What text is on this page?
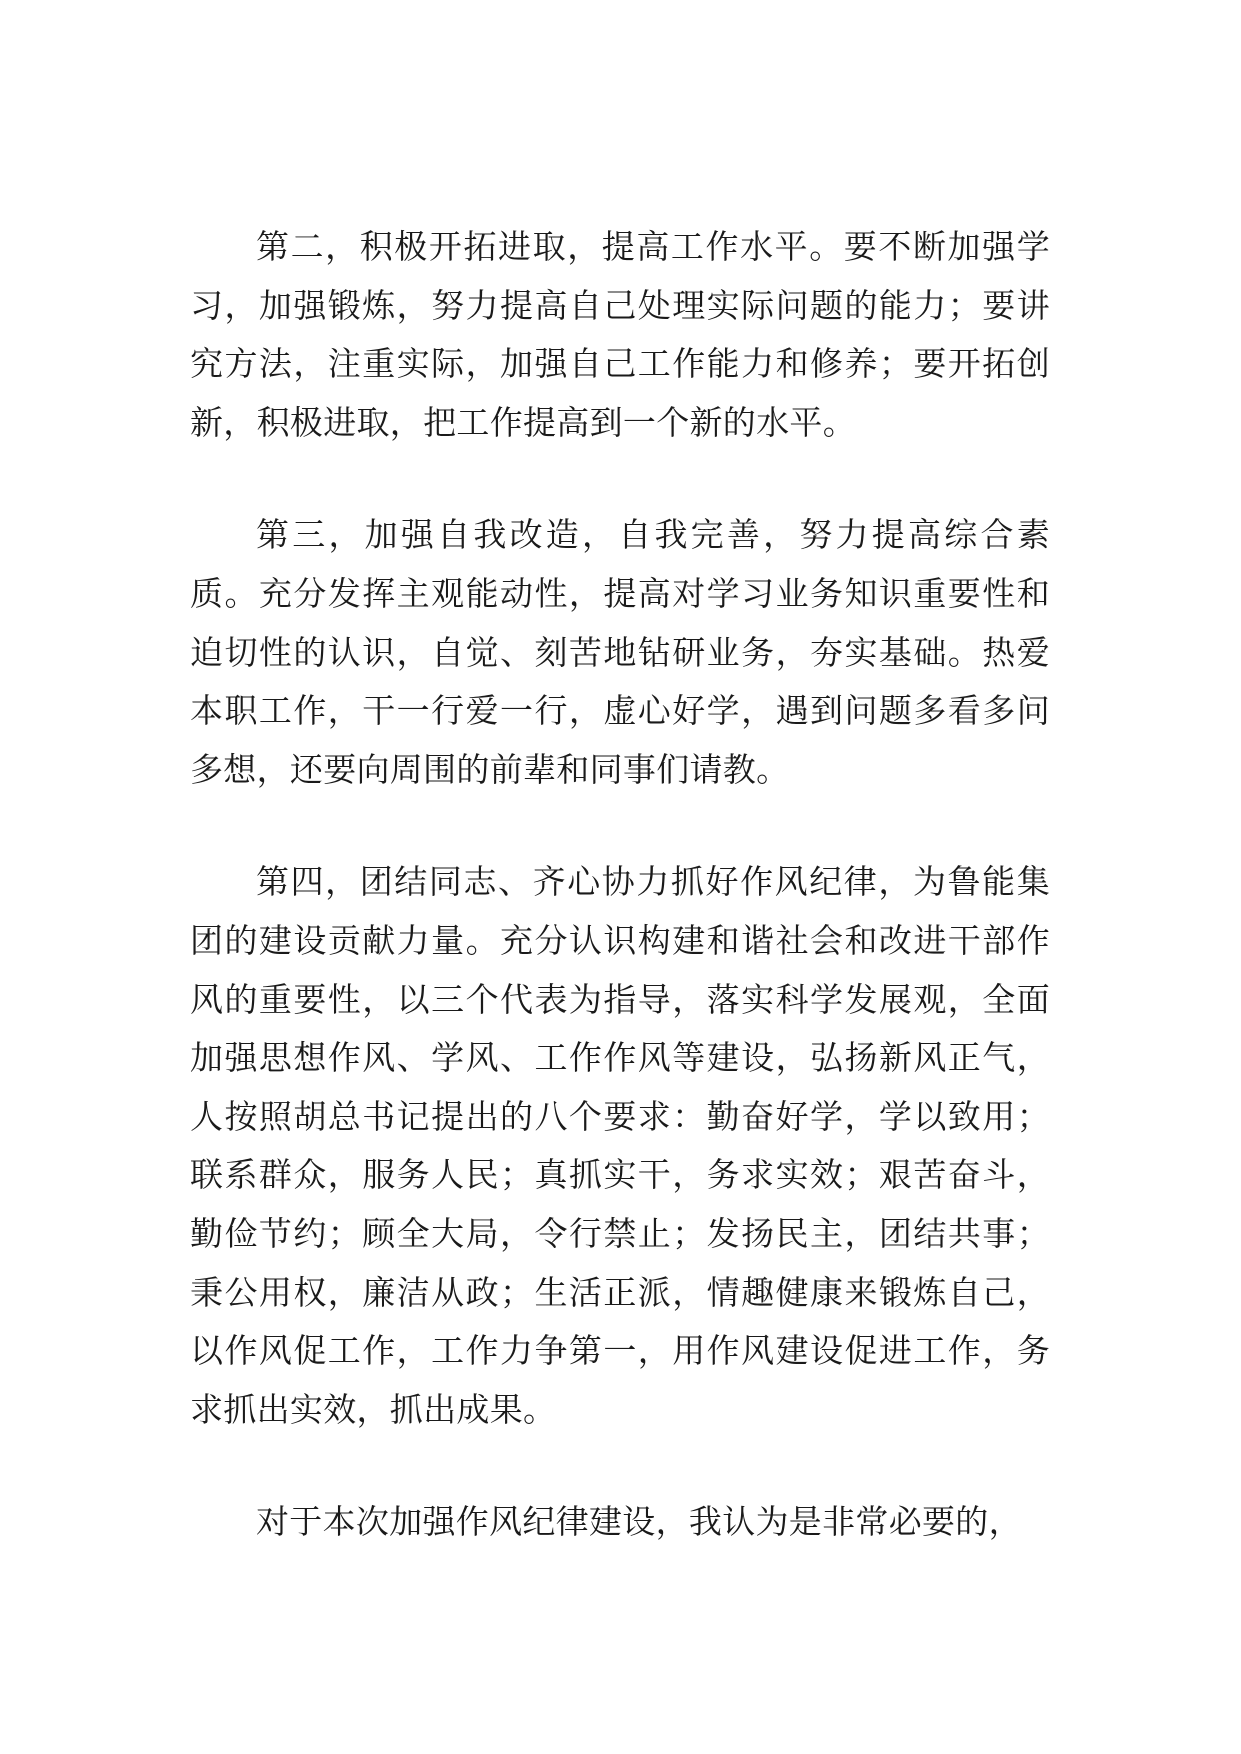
第二，积极开拓进取，提高工作水平。要不断加强学习，加强锻炼，努力提高自己处理实际问题的能力；要讲究方法，注重实际，加强自己工作能力和修养；要开拓创新，积极进取，把工作提高到一个新的水平。

第三，加强自我改造，自我完善，努力提高综合素质。充分发挥主观能动性，提高对学习业务知识重要性和迫切性的认识，自觉、刻苦地钻研业务，夯实基础。热爱本职工作，干一行爱一行，虚心好学，遇到问题多看多问多想，还要向周围的前辈和同事们请教。

第四，团结同志、齐心协力抓好作风纪律，为鲁能集团的建设贡献力量。充分认识构建和谐社会和改进干部作风的重要性，以三个代表为指导，落实科学发展观，全面加强思想作风、学风、工作作风等建设，弘扬新风正气，人按照胡总书记提出的八个要求：勤奋好学，学以致用；联系群众，服务人民；真抓实干，务求实效；艰苦奋斗，勤俭节约；顾全大局，令行禁止；发扬民主，团结共事；秉公用权，廉洁从政；生活正派，情趣健康来锻炼自己，以作风促工作，工作力争第一，用作风建设促进工作，务求抓出实效，抓出成果。

对于本次加强作风纪律建设，我认为是非常必要的，
